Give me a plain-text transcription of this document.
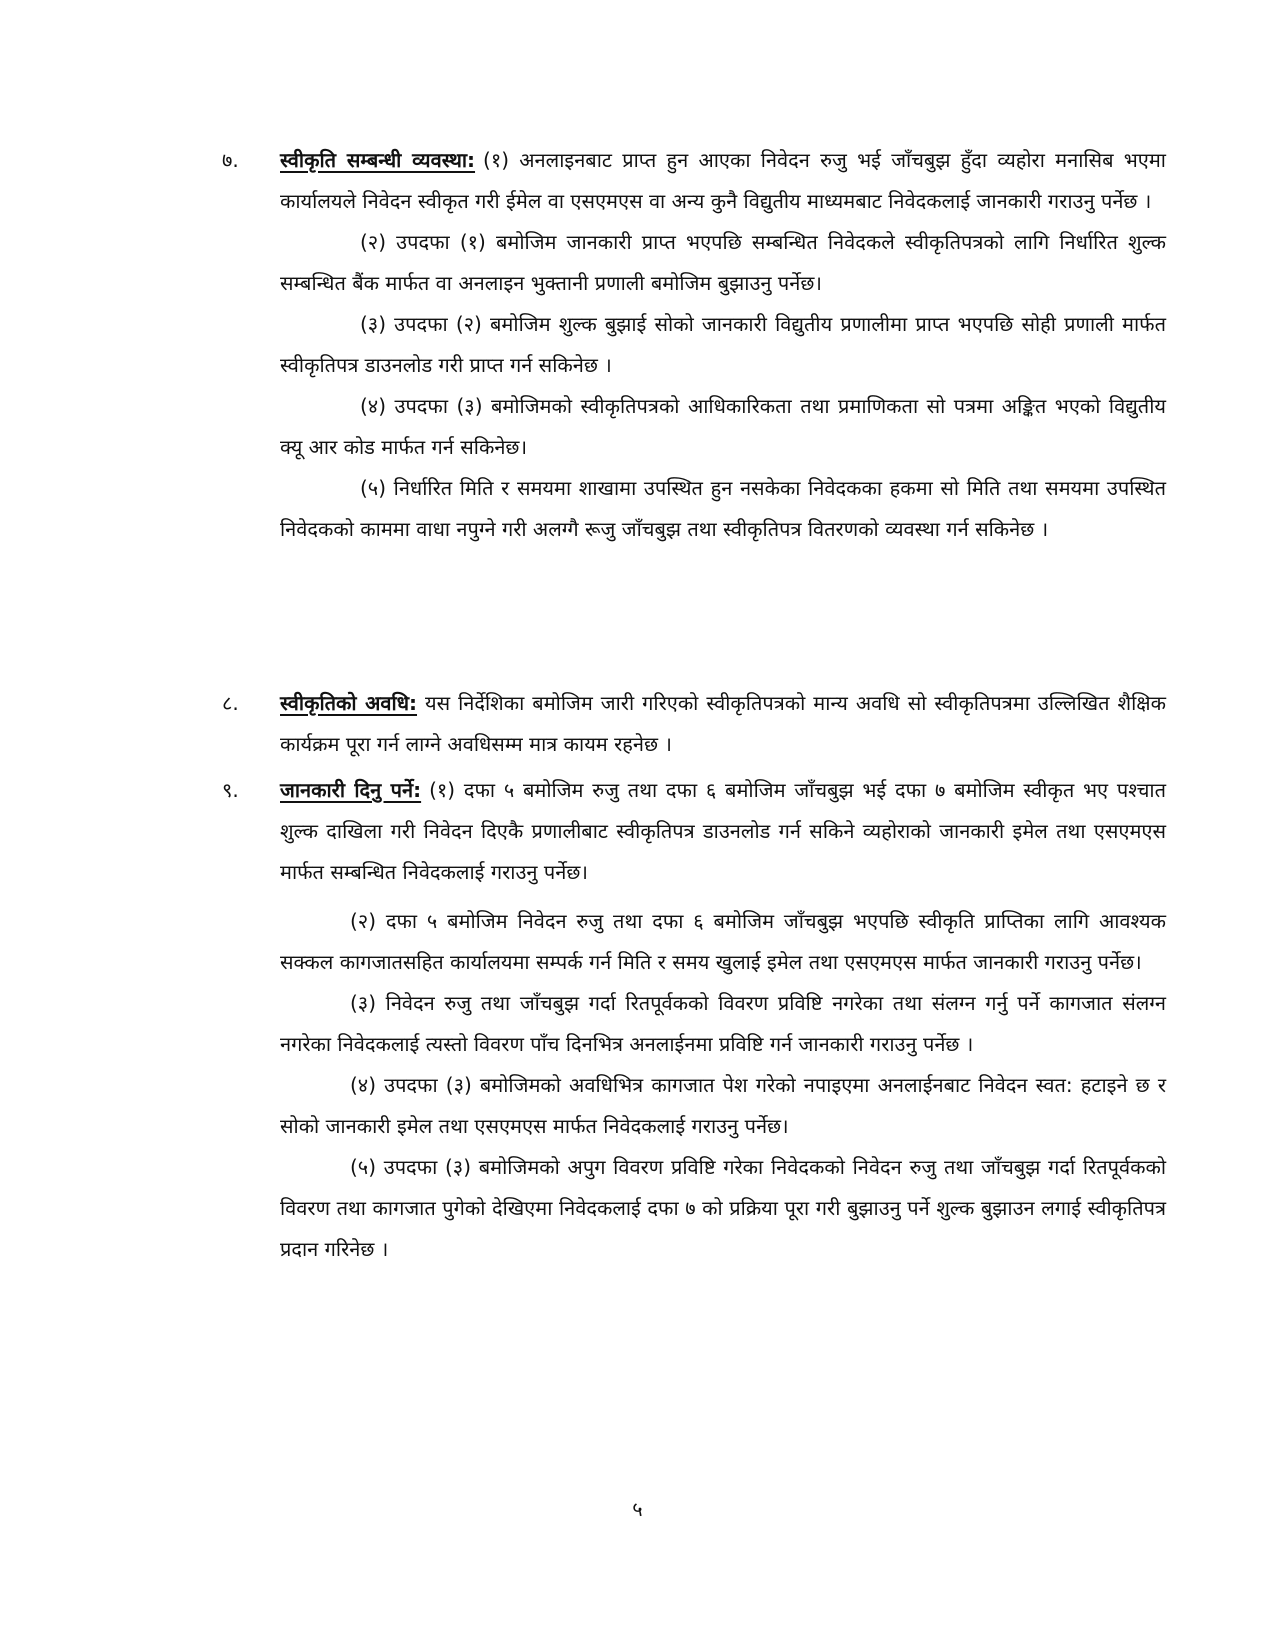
७.	स्वीकृति सम्बन्धी व्यवस्था: (१) अनलाइनबाट प्राप्त हुन आएका निवेदन रुजु भई जाँचबुझ हुँदा व्यहोरा मनासिब भएमा कार्यालयले निवेदन स्वीकृत गरी ईमेल वा एसएमएस वा अन्य कुनै विद्युतीय माध्यमबाट निवेदकलाई जानकारी गराउनु पर्नेछ ।

(२) उपदफा (१) बमोजिम जानकारी प्राप्त भएपछि सम्बन्धित निवेदकले स्वीकृतिपत्रको लागि निर्धारित शुल्क सम्बन्धित बैंक मार्फत वा अनलाइन भुक्तानी प्रणाली बमोजिम बुझाउनु पर्नेछ।

(३) उपदफा (२) बमोजिम शुल्क बुझाई सोको जानकारी विद्युतीय प्रणालीमा प्राप्त भएपछि सोही प्रणाली मार्फत स्वीकृतिपत्र डाउनलोड गरी प्राप्त गर्न सकिनेछ ।

(४) उपदफा (३) बमोजिमको स्वीकृतिपत्रको आधिकारिकता तथा प्रमाणिकता सो पत्रमा अङ्कित भएको विद्युतीय क्यू आर कोड मार्फत गर्न सकिनेछ।

(५) निर्धारित मिति र समयमा शाखामा उपस्थित हुन नसकेका निवेदकका हकमा सो मिति तथा समयमा उपस्थित निवेदकको काममा वाधा नपुग्ने गरी अलग्गै रूजु जाँचबुझ तथा स्वीकृतिपत्र वितरणको व्यवस्था गर्न सकिनेछ ।

८.	स्वीकृतिको अवधि: यस निर्देशिका बमोजिम जारी गरिएको स्वीकृतिपत्रको मान्य अवधि सो स्वीकृतिपत्रमा उल्लिखित शैक्षिक कार्यक्रम पूरा गर्न लाग्ने अवधिसम्म मात्र कायम रहनेछ ।

९.	जानकारी दिनु पर्ने: (१) दफा ५ बमोजिम रुजु तथा दफा ६ बमोजिम जाँचबुझ भई दफा ७ बमोजिम स्वीकृत भए पश्चात शुल्क दाखिला गरी निवेदन दिएकै प्रणालीबाट स्वीकृतिपत्र डाउनलोड गर्न सकिने व्यहोराको जानकारी इमेल तथा एसएमएस मार्फत सम्बन्धित निवेदकलाई गराउनु पर्नेछ।

(२) दफा ५ बमोजिम निवेदन रुजु तथा दफा ६ बमोजिम जाँचबुझ भएपछि स्वीकृति प्राप्तिका लागि आवश्यक सक्कल कागजातसहित कार्यालयमा सम्पर्क गर्न मिति र समय खुलाई इमेल तथा एसएमएस मार्फत जानकारी गराउनु पर्नेछ।

(३) निवेदन रुजु तथा जाँचबुझ गर्दा रितपूर्वकको विवरण प्रविष्टि नगरेका तथा संलग्न गर्नु पर्ने कागजात संलग्न नगरेका निवेदकलाई त्यस्तो विवरण पाँच दिनभित्र अनलाईनमा प्रविष्टि गर्न जानकारी गराउनु पर्नेछ ।

(४) उपदफा (३) बमोजिमको अवधिभित्र कागजात पेश गरेको नपाइएमा अनलाईनबाट निवेदन स्वत: हटाइने छ र सोको जानकारी इमेल तथा एसएमएस मार्फत निवेदकलाई गराउनु पर्नेछ।

(५) उपदफा (३) बमोजिमको अपुग विवरण प्रविष्टि गरेका निवेदकको निवेदन रुजु तथा जाँचबुझ गर्दा रितपूर्वकको विवरण तथा कागजात पुगेको देखिएमा निवेदकलाई दफा ७ को प्रक्रिया पूरा गरी बुझाउनु पर्ने शुल्क बुझाउन लगाई स्वीकृतिपत्र प्रदान गरिनेछ ।

५
